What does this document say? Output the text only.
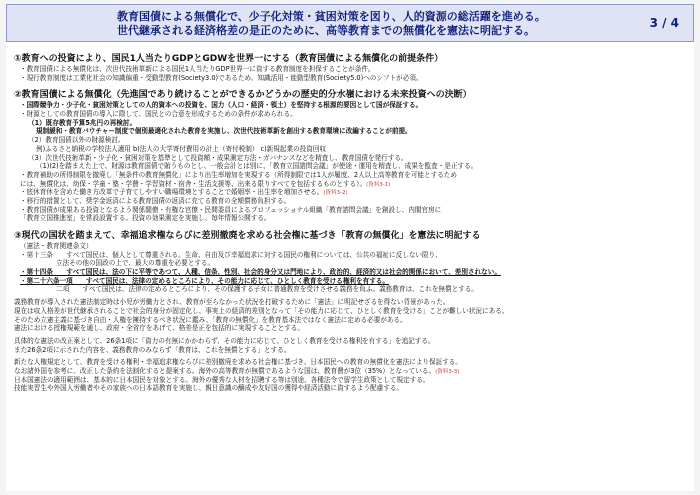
教育国債による無償化で、少子化対策・貧困対策を図り、人的資源の総活躍を進める。
世代継承される経済格差の是正のために、高等教育までの無償化を憲法に明記する。
3 / 4
①教育への投資により、国民1人当たりGDPとGDWを世界一にする（教育国債による無償化の前提条件）
・教育国債による無償化は、次世代技術革新による国民1人当たりGDP世界一に資する教育制度を担保することが条件。
・現行教育制度は工業化社会の知識偏重・受動型教育(Society3.0)であるため、知識活用・能動型教育(Society5.0)へのシフトが必須。
②教育国債による無償化（先進国であり続けることができるかどうかの歴史的分水嶺における未来投資への決断）
・国際競争力・少子化・貧困対策としての人的資本への投資を、国力（人口・経済・領土）を堅持する根源的要因として国が保証する。
・財源としての教育国債の導入に際して、国民との合意を形成するための条件が求められる。
（1）既存教育予算5兆円の再検討。
規制緩和・教育バウチャー制度で個別最適化された教育を実施し、次世代技術革新を創出する教育環境に改編することが前提。
（2）教育国債以外の財源検討。
例)ふるさと納税の学校法人適用 b)法人の大学寄付費用の計上（寄付税制） c)新規起業の投資回収
（3）次世代技術革新・少子化・貧困対策を基準として投資額・成果測定方法・ガバナンスなどを精査し、教育国債を発行する。
（1)(2)を踏まえた上で、財源は教育国債で賄うものとし、一般会計とは別に、「教育立国諮問会議」が使途・運用を精査し、成果を監査・是正する。
・教育補助の所得制限を撤廃し「無条件の教育無償化」により出生率増加を実現する（所得制限では1人が履度、2人以上高等教育を可能とするため
には、無償化は、幼保・学童・塾・学費・学習資材・宿舎・生活支援等、出来る限りすべてを包括するものとする）。(資料3-1)
・底休育休を含めた働き方改革で子育てしやすい職場環境とすることで婚姻率・出生率を増加させる。(資料3-2)
・移行的措置として、奨学金返済による教育国債の返済に充てる教育の全額償務負担する。
・教育国債が成果ある投資となるよう関係閣僚・有権な官僚・民間委員によるプロフェッショナル組織「教育諮問会議」を創設し、内閣官房に
「教育立国推進室」を常設設置する。投資の効果測定を実施し、毎年情報公開する。
③現代の国状を踏まえて、幸福追求権ならびに差別撤廃を求める社会権に基づき「教育の無償化」を憲法に明記する
（憲法・教育関連条文）
・第十三条　　すべて国民は、個人として尊重される。生命、自由及び幸福追求に対する国民の権利については、公共の福祉に反しない限り、
立法その他の国政の上で、最大の尊重を必要とする。
・第十四条　　すべて国民は、法の下に平等であつて、人種、信条、性別、社会的身分又は門地により、政治的、経済的又は社会的関係において、差別されない。
・第二十六条一項　　すべて国民は、法律の定めるところにより、その能力に応じて、ひとしく教育を受ける権利を有する。
二項　　すべて国民は、法律の定めるところにより、その保護する子女に普通教育を受けさせる義務を負ふ。義務教育は、これを無償とする。
義務教育が導入された憲法制定時は小児が労働力とされ、教育が至らなかった状況を打破するために「憲法」に明記せざるを得ない背景があった。
現在は収入格差が世代継承されることで社会的身分が固定化し、事実上の経済的差別となって「その能力に応じて、ひとしく教育を受ける」ことが難しい状況にある。
そのため立憲主義に基づき自由・人権を擁持するべき状況に鑑み、「教育の無償化」を教育基本法ではなく憲法に定める必要がある。
憲法における授権規範を通し、政府・全省庁をあげて、格差是正を包括的に実現することとする。
具体的な憲法の改正案として、26条1項に「資力の有無にかかわらず、その能力に応じて、ひとしく教育を受ける権利を有する」を追記する。
また26条2項に示された内容を、義務教育のみならず「教育は、これを無償とする」とする。
新たな人権規定として、教育を受ける権利・幸福追求権ならびに差別撤廃を求める社会権に基づき、日本国民への教育の無償化を憲法により保証する。
なお諸外国を参考に、改正した条約を法制化すると提案する。海外の高等教育が無償であるような国は、教育費が3位（35%）となっている。(資料3-3)
日本国憲法の適用範囲は、基本的に日本国民を対象とする。海外の優秀な人材を招聘する等は別途、各種法令で留学生政策として規定する。
技能実習生や外国人労働者やその家族への日本語教育を実施し、親日意識の醸成や友好国の獲得や経済活動に資するよう配慮する。
